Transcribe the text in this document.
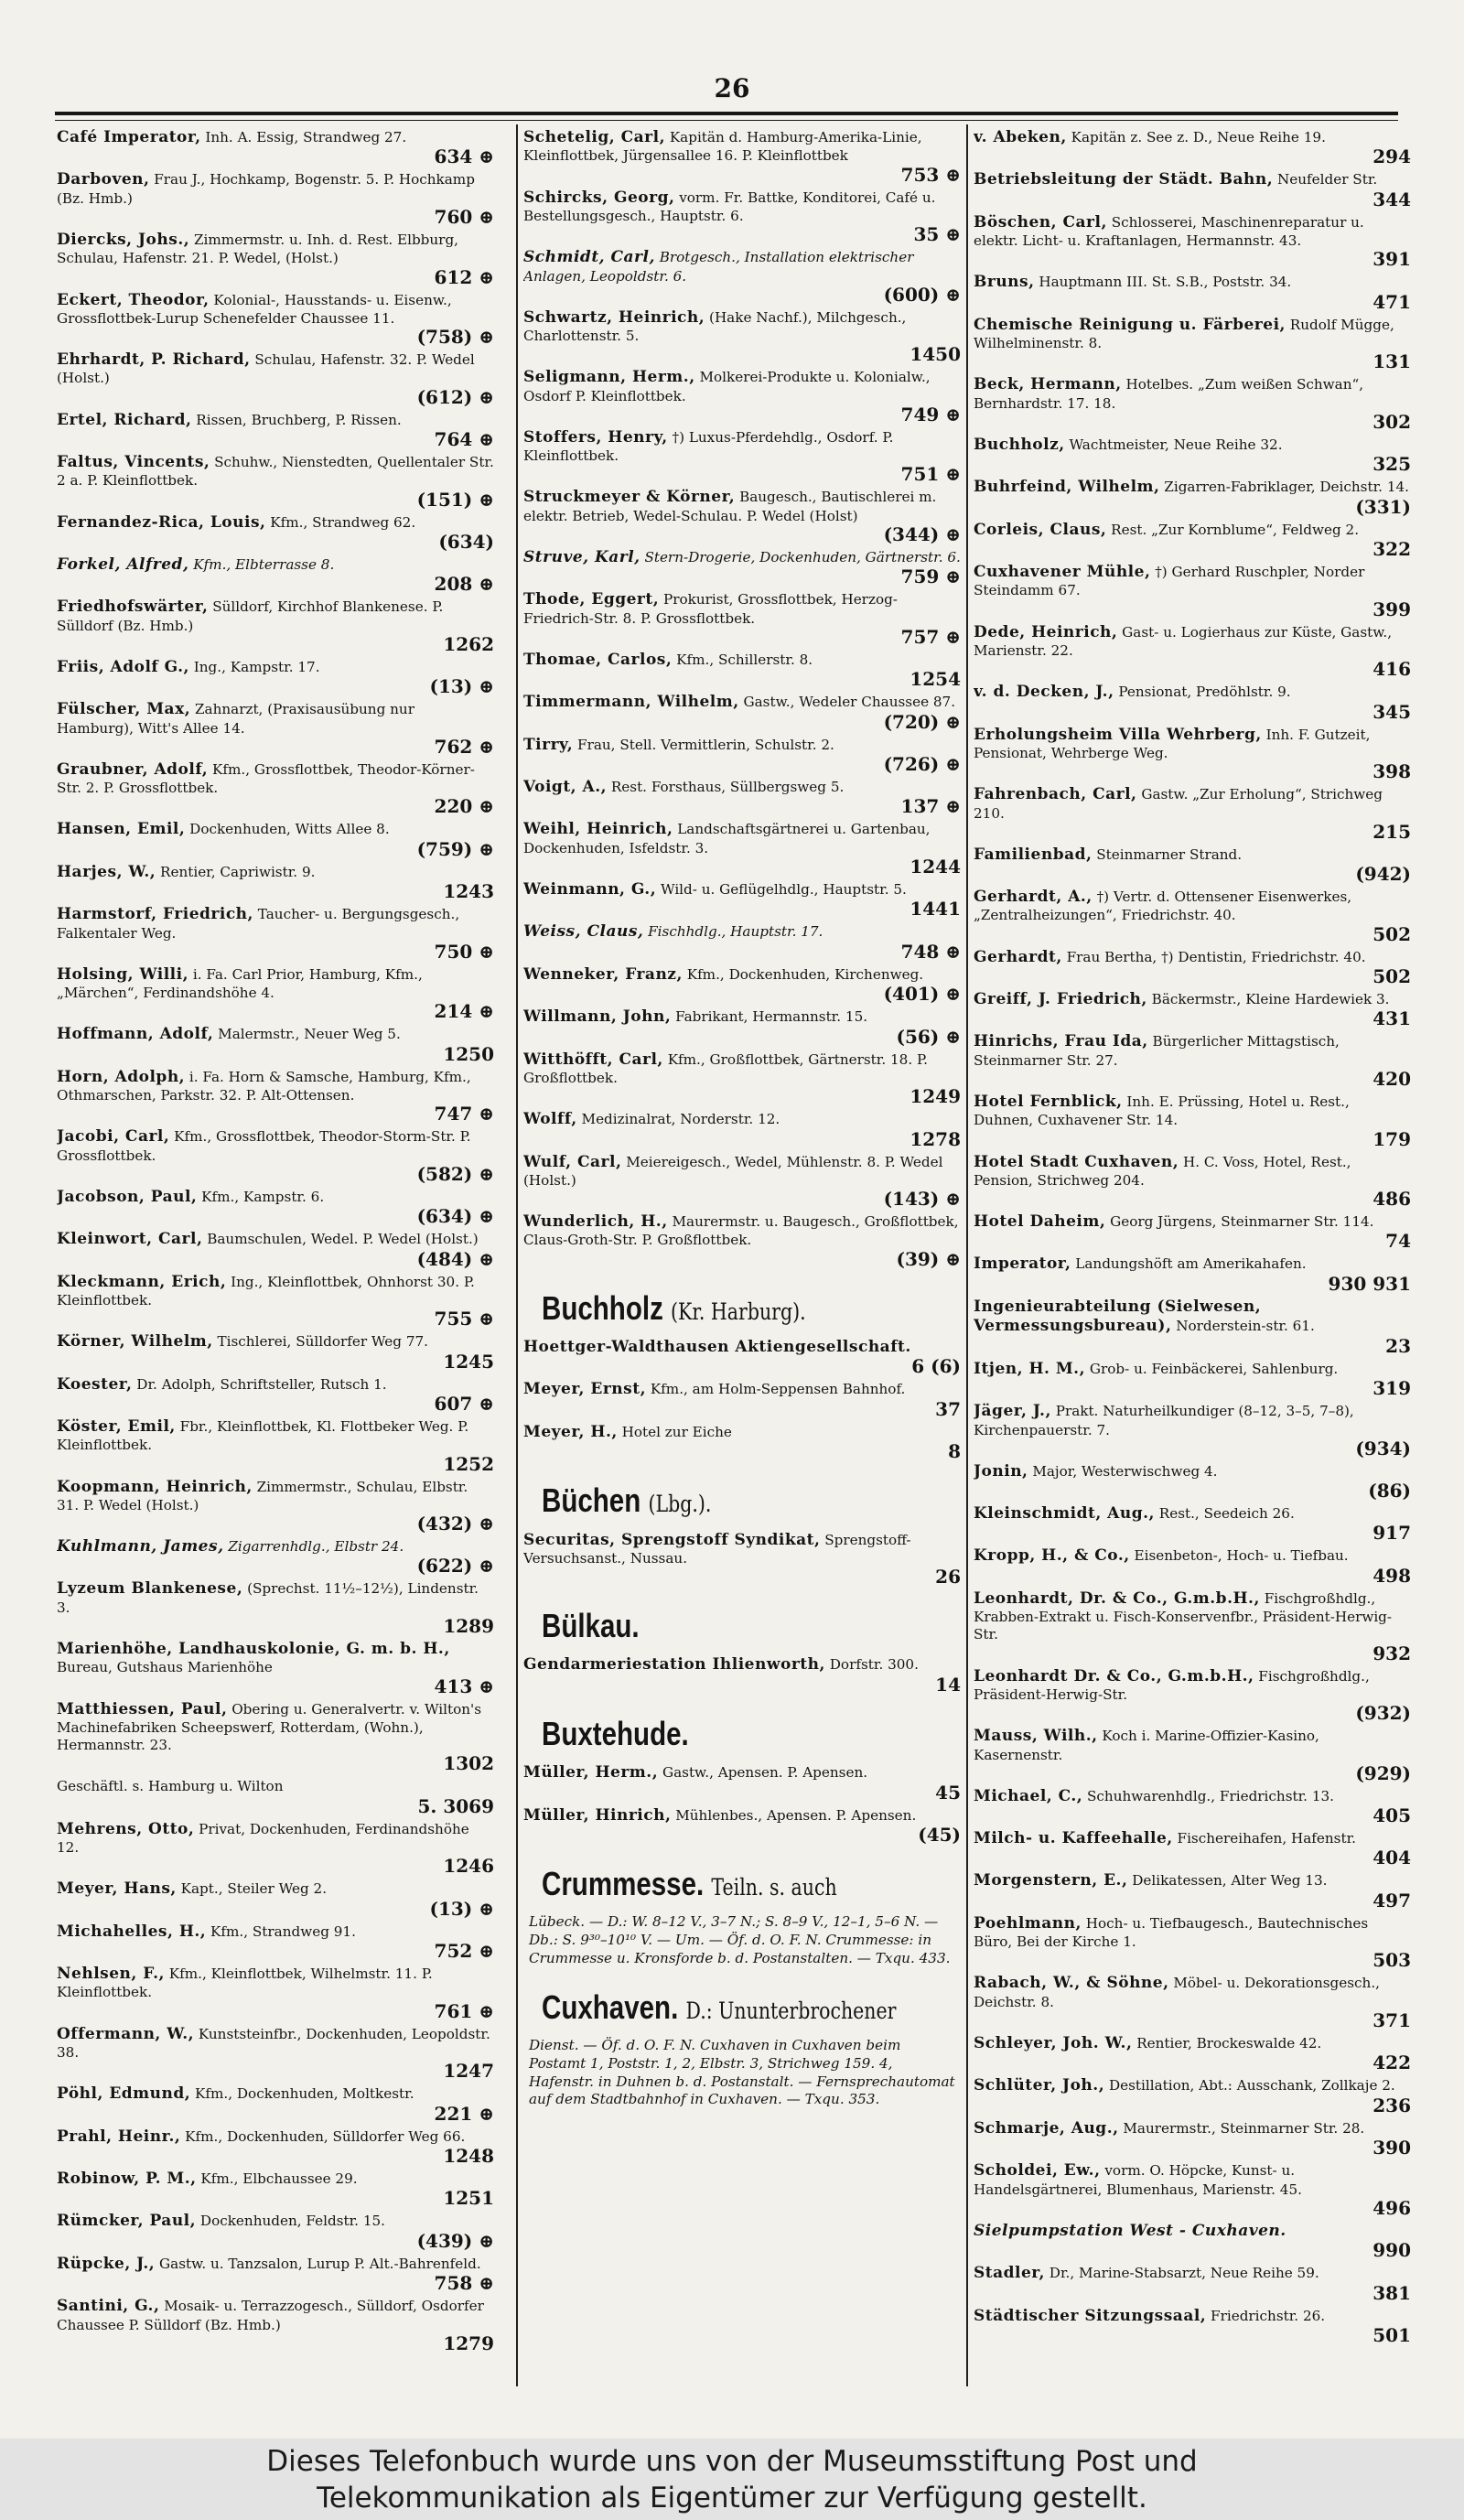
26
Café Imperator, Inh. A. Essig, Strandweg 27.
634 ⊕
Darboven, Frau J., Hochkamp, Bogenstr. 5. P. Hochkamp (Bz. Hmb.)
760 ⊕
Diercks, Johs., Zimmermstr. u. Inh. d. Rest. Elbburg, Schulau, Hafenstr. 21. P. Wedel, (Holst.)
612 ⊕
Eckert, Theodor, Kolonial-, Hausstands- u. Eisenw., Grossflottbek-Lurup Schenefelder Chaussee 11.
(758) ⊕
Ehrhardt, P. Richard, Schulau, Hafenstr. 32. P. Wedel (Holst.)
(612) ⊕
Ertel, Richard, Rissen, Bruchberg, P. Rissen.
764 ⊕
Faltus, Vincents, Schuhw., Nienstedten, Quellentaler Str. 2 a. P. Kleinflottbek.
(151) ⊕
Fernandez-Rica, Louis, Kfm., Strandweg 62.
(634)
Forkel, Alfred, Kfm., Elbterrasse 8.
208 ⊕
Friedhofswärter, Sülldorf, Kirchhof Blankenese. P. Sülldorf (Bz. Hmb.)
1262
Friis, Adolf G., Ing., Kampstr. 17.
(13) ⊕
Fülscher, Max, Zahnarzt, (Praxisausübung nur Hamburg), Witt's Allee 14.
762 ⊕
Graubner, Adolf, Kfm., Grossflottbek, Theodor-Körner-Str. 2. P. Grossflottbek.
220 ⊕
Hansen, Emil, Dockenhuden, Witts Allee 8.
(759) ⊕
Harjes, W., Rentier, Capriwistr. 9.
1243
Harmstorf, Friedrich, Taucher- u. Bergungsgesch., Falkentaler Weg.
750 ⊕
Holsing, Willi, i. Fa. Carl Prior, Hamburg, Kfm., „Märchen“, Ferdinandshöhe 4.
214 ⊕
Hoffmann, Adolf, Malermstr., Neuer Weg 5.
1250
Horn, Adolph, i. Fa. Horn & Samsche, Hamburg, Kfm., Othmarschen, Parkstr. 32. P. Alt-Ottensen.
747 ⊕
Jacobi, Carl, Kfm., Grossflottbek, Theodor-Storm-Str. P. Grossflottbek.
(582) ⊕
Jacobson, Paul, Kfm., Kampstr. 6.
(634) ⊕
Kleinwort, Carl, Baumschulen, Wedel. P. Wedel (Holst.)
(484) ⊕
Kleckmann, Erich, Ing., Kleinflottbek, Ohnhorst 30. P. Kleinflottbek.
755 ⊕
Körner, Wilhelm, Tischlerei, Sülldorfer Weg 77.
1245
Koester, Dr. Adolph, Schriftsteller, Rutsch 1.
607 ⊕
Köster, Emil, Fbr., Kleinflottbek, Kl. Flottbeker Weg. P. Kleinflottbek.
1252
Koopmann, Heinrich, Zimmermstr., Schulau, Elbstr. 31. P. Wedel (Holst.)
(432) ⊕
Kuhlmann, James, Zigarrenhdlg., Elbstr 24.
(622) ⊕
Lyzeum Blankenese, (Sprechst. 11½–12½), Lindenstr. 3.
1289
Marienhöhe, Landhauskolonie, G. m. b. H., Bureau, Gutshaus Marienhöhe
413 ⊕
Matthiessen, Paul, Obering u. Generalvertr. v. Wilton's Machinefabriken Scheepswerf, Rotterdam, (Wohn.), Hermannstr. 23.
1302
Geschäftl. s. Hamburg u. Wilton
5. 3069
Mehrens, Otto, Privat, Dockenhuden, Ferdinandshöhe 12.
1246
Meyer, Hans, Kapt., Steiler Weg 2.
(13) ⊕
Michahelles, H., Kfm., Strandweg 91.
752 ⊕
Nehlsen, F., Kfm., Kleinflottbek, Wilhelmstr. 11. P. Kleinflottbek.
761 ⊕
Offermann, W., Kunststeinfbr., Dockenhuden, Leopoldstr. 38.
1247
Pöhl, Edmund, Kfm., Dockenhuden, Moltkestr.
221 ⊕
Prahl, Heinr., Kfm., Dockenhuden, Sülldorfer Weg 66.
1248
Robinow, P. M., Kfm., Elbchaussee 29.
1251
Rümcker, Paul, Dockenhuden, Feldstr. 15.
(439) ⊕
Rüpcke, J., Gastw. u. Tanzsalon, Lurup P. Alt.-Bahrenfeld.
758 ⊕
Santini, G., Mosaik- u. Terrazzogesch., Sülldorf, Osdorfer Chaussee P. Sülldorf (Bz. Hmb.)
1279
Schetelig, Carl, Kapitän d. Hamburg-Amerika-Linie, Kleinflottbek, Jürgensallee 16. P. Kleinflottbek
753 ⊕
Schircks, Georg, vorm. Fr. Battke, Konditorei, Café u. Bestellungsgesch., Hauptstr. 6.
35 ⊕
Schmidt, Carl, Brotgesch., Installation elektrischer Anlagen, Leopoldstr. 6.
(600) ⊕
Schwartz, Heinrich, (Hake Nachf.), Milchgesch., Charlottenstr. 5.
1450
Seligmann, Herm., Molkerei-Produkte u. Kolonialw., Osdorf P. Kleinflottbek.
749 ⊕
Stoffers, Henry, †) Luxus-Pferdehdlg., Osdorf. P. Kleinflottbek.
751 ⊕
Struckmeyer & Körner, Baugesch., Bautischlerei m. elektr. Betrieb, Wedel-Schulau. P. Wedel (Holst)
(344) ⊕
Struve, Karl, Stern-Drogerie, Dockenhuden, Gärtnerstr. 6.
759 ⊕
Thode, Eggert, Prokurist, Grossflottbek, Herzog-Friedrich-Str. 8. P. Grossflottbek.
757 ⊕
Thomae, Carlos, Kfm., Schillerstr. 8.
1254
Timmermann, Wilhelm, Gastw., Wedeler Chaussee 87.
(720) ⊕
Tirry, Frau, Stell. Vermittlerin, Schulstr. 2.
(726) ⊕
Voigt, A., Rest. Forsthaus, Süllbergsweg 5.
137 ⊕
Weihl, Heinrich, Landschaftsgärtnerei u. Gartenbau, Dockenhuden, Isfeldstr. 3.
1244
Weinmann, G., Wild- u. Geflügelhdlg., Hauptstr. 5.
1441
Weiss, Claus, Fischhdlg., Hauptstr. 17.
748 ⊕
Wenneker, Franz, Kfm., Dockenhuden, Kirchenweg.
(401) ⊕
Willmann, John, Fabrikant, Hermannstr. 15.
(56) ⊕
Witthöfft, Carl, Kfm., Großflottbek, Gärtnerstr. 18. P. Großflottbek.
1249
Wolff, Medizinalrat, Norderstr. 12.
1278
Wulf, Carl, Meiereigesch., Wedel, Mühlenstr. 8. P. Wedel (Holst.)
(143) ⊕
Wunderlich, H., Maurermstr. u. Baugesch., Großflottbek, Claus-Groth-Str. P. Großflottbek.
(39) ⊕
Buchholz (Kr. Harburg).
Hoettger-Waldthausen Aktiengesellschaft.
6 (6)
Meyer, Ernst, Kfm., am Holm-Seppensen Bahnhof.
37
Meyer, H., Hotel zur Eiche
8
Büchen (Lbg.).
Securitas, Sprengstoff Syndikat, Sprengstoff-Versuchsanst., Nussau.
26
Bülkau.
Gendarmeriestation Ihlienworth, Dorfstr. 300.
14
Buxtehude.
Müller, Herm., Gastw., Apensen. P. Apensen.
45
Müller, Hinrich, Mühlenbes., Apensen. P. Apensen.
(45)
Crummesse. Teiln. s. auch
Lübeck. — D.: W. 8–12 V., 3–7 N.; S. 8–9 V., 12–1, 5–6 N. — Db.: S. 9³⁰–10¹⁰ V. — Um. — Öf. d. O. F. N. Crummesse: in Crummesse u. Kronsforde b. d. Postanstalten. — Txqu. 433.
Cuxhaven. D.: Ununterbrochener
Dienst. — Öf. d. O. F. N. Cuxhaven in Cuxhaven beim Postamt 1, Poststr. 1, 2, Elbstr. 3, Strichweg 159. 4, Hafenstr. in Duhnen b. d. Postanstalt. — Fernsprechautomat auf dem Stadtbahnhof in Cuxhaven. — Txqu. 353.
v. Abeken, Kapitän z. See z. D., Neue Reihe 19.
294
Betriebsleitung der Städt. Bahn, Neufelder Str.
344
Böschen, Carl, Schlosserei, Maschinenreparatur u. elektr. Licht- u. Kraftanlagen, Hermannstr. 43.
391
Bruns, Hauptmann III. St. S.B., Poststr. 34.
471
Chemische Reinigung u. Färberei, Rudolf Mügge, Wilhelminenstr. 8.
131
Beck, Hermann, Hotelbes. „Zum weißen Schwan“, Bernhardstr. 17. 18.
302
Buchholz, Wachtmeister, Neue Reihe 32.
325
Buhrfeind, Wilhelm, Zigarren-Fabriklager, Deichstr. 14.
(331)
Corleis, Claus, Rest. „Zur Kornblume“, Feldweg 2.
322
Cuxhavener Mühle, †) Gerhard Ruschpler, Norder Steindamm 67.
399
Dede, Heinrich, Gast- u. Logierhaus zur Küste, Gastw., Marienstr. 22.
416
v. d. Decken, J., Pensionat, Predöhlstr. 9.
345
Erholungsheim Villa Wehrberg, Inh. F. Gutzeit, Pensionat, Wehrberge Weg.
398
Fahrenbach, Carl, Gastw. „Zur Erholung“, Strichweg 210.
215
Familienbad, Steinmarner Strand.
(942)
Gerhardt, A., †) Vertr. d. Ottensener Eisenwerkes, „Zentralheizungen“, Friedrichstr. 40.
502
Gerhardt, Frau Bertha, †) Dentistin, Friedrichstr. 40.
502
Greiff, J. Friedrich, Bäckermstr., Kleine Hardewiek 3.
431
Hinrichs, Frau Ida, Bürgerlicher Mittagstisch, Steinmarner Str. 27.
420
Hotel Fernblick, Inh. E. Prüssing, Hotel u. Rest., Duhnen, Cuxhavener Str. 14.
179
Hotel Stadt Cuxhaven, H. C. Voss, Hotel, Rest., Pension, Strichweg 204.
486
Hotel Daheim, Georg Jürgens, Steinmarner Str. 114.
74
Imperator, Landungshöft am Amerikahafen.
930 931
Ingenieurabteilung (Sielwesen, Vermessungsbureau), Norderstein-str. 61.
23
Itjen, H. M., Grob- u. Feinbäckerei, Sahlenburg.
319
Jäger, J., Prakt. Naturheilkundiger (8–12, 3–5, 7–8), Kirchenpauerstr. 7.
(934)
Jonin, Major, Westerwischweg 4.
(86)
Kleinschmidt, Aug., Rest., Seedeich 26.
917
Kropp, H., & Co., Eisenbeton-, Hoch- u. Tiefbau.
498
Leonhardt, Dr. & Co., G.m.b.H., Fischgroßhdlg., Krabben-Extrakt u. Fisch-Konservenfbr., Präsident-Herwig-Str.
932
Leonhardt Dr. & Co., G.m.b.H., Fischgroßhdlg., Präsident-Herwig-Str.
(932)
Mauss, Wilh., Koch i. Marine-Offizier-Kasino, Kasernenstr.
(929)
Michael, C., Schuhwarenhdlg., Friedrichstr. 13.
405
Milch- u. Kaffeehalle, Fischereihafen, Hafenstr.
404
Morgenstern, E., Delikatessen, Alter Weg 13.
497
Poehlmann, Hoch- u. Tiefbaugesch., Bautechnisches Büro, Bei der Kirche 1.
503
Rabach, W., & Söhne, Möbel- u. Dekorationsgesch., Deichstr. 8.
371
Schleyer, Joh. W., Rentier, Brockeswalde 42.
422
Schlüter, Joh., Destillation, Abt.: Ausschank, Zollkaje 2.
236
Schmarje, Aug., Maurermstr., Steinmarner Str. 28.
390
Scholdei, Ew., vorm. O. Höpcke, Kunst- u. Handelsgärtnerei, Blumenhaus, Marienstr. 45.
496
Sielpumpstation West - Cuxhaven.
990
Stadler, Dr., Marine-Stabsarzt, Neue Reihe 59.
381
Städtischer Sitzungssaal, Friedrichstr. 26.
501
Dieses Telefonbuch wurde uns von der Museumsstiftung Post und
Telekommunikation als Eigentümer zur Verfügung gestellt.
